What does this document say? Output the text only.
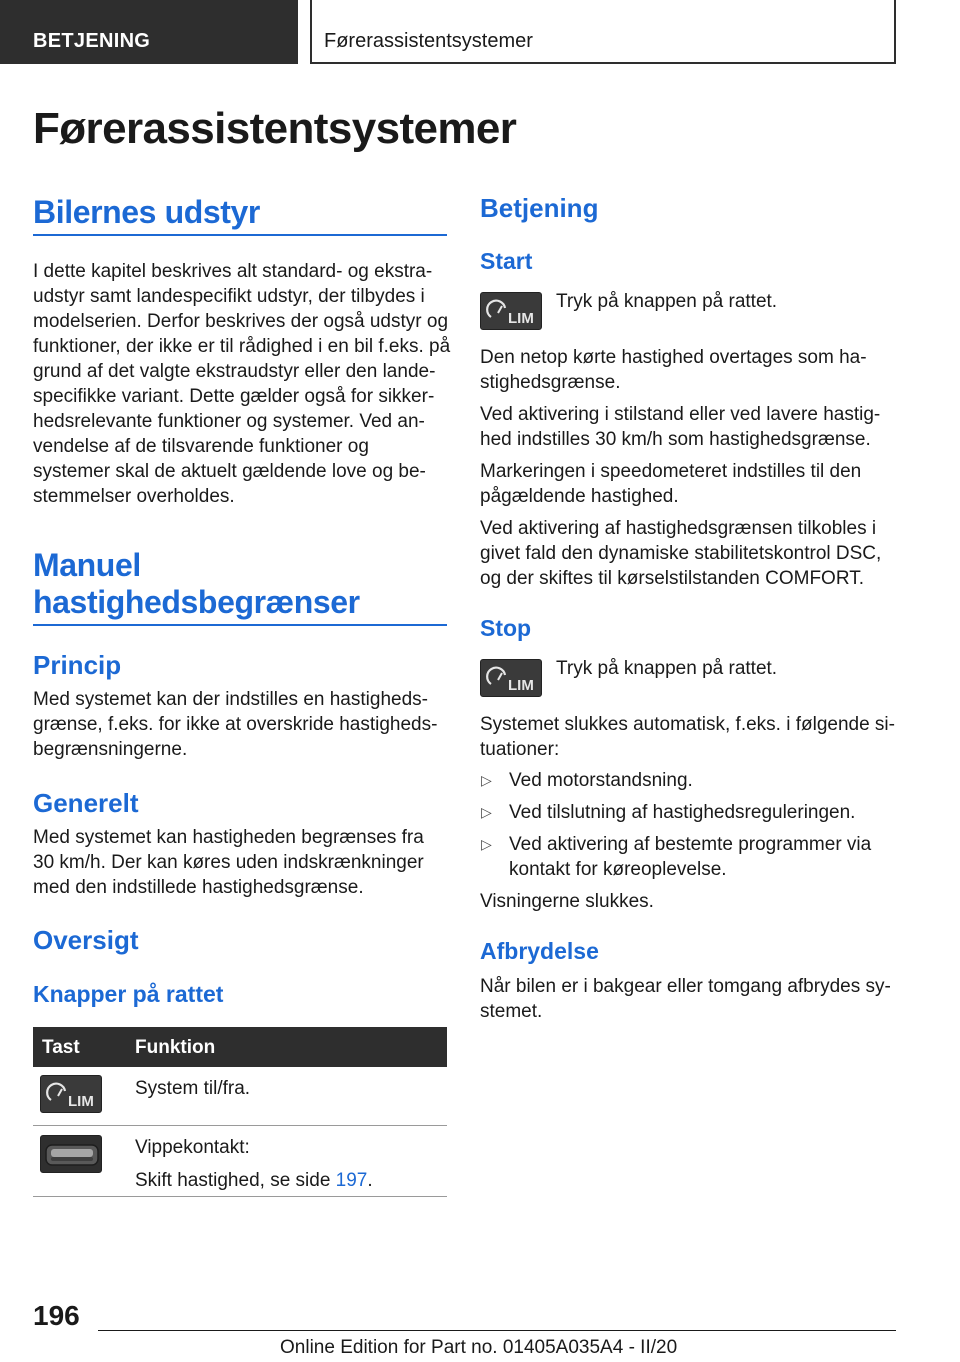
BETJENING	Førerassistentsystemer
Førerassistentsystemer
Bilernes udstyr
I dette kapitel beskrives alt standard- og ekstra-
udstyr samt landespecifikt udstyr, der tilbydes i
modelserien. Derfor beskrives der også udstyr og
funktioner, der ikke er til rådighed i en bil f.eks. på
grund af det valgte ekstraudstyr eller den lande-
specifikke variant. Dette gælder også for sikker-
hedsrelevante funktioner og systemer. Ved an-
vendelse af de tilsvarende funktioner og
systemer skal de aktuelt gældende love og be-
stemmelser overholdes.
Manuel
hastighedsbegrænser
Princip
Med systemet kan der indstilles en hastigheds-
grænse, f.eks. for ikke at overskride hastigheds-
begrænsningerne.
Generelt
Med systemet kan hastigheden begrænses fra
30 km/h. Der kan køres uden indskrænkninger
med den indstillede hastighedsgrænse.
Oversigt
Knapper på rattet
Tast	Funktion
LIM
System til/fra.
Vippekontakt:
Skift hastighed, se side 197.
Betjening
Start
LIM
Tryk på knappen på rattet.
Den netop kørte hastighed overtages som ha-
stighedsgrænse.
Ved aktivering i stilstand eller ved lavere hastig-
hed indstilles 30 km/h som hastighedsgrænse.
Markeringen i speedometeret indstilles til den
pågældende hastighed.
Ved aktivering af hastighedsgrænsen tilkobles i
givet fald den dynamiske stabilitetskontrol DSC,
og der skiftes til kørselstilstanden COMFORT.
Stop
LIM
Tryk på knappen på rattet.
Systemet slukkes automatisk, f.eks. i følgende si-
tuationer:
▷ Ved motorstandsning.
▷ Ved tilslutning af hastighedsreguleringen.
▷ Ved aktivering af bestemte programmer via
kontakt for køreoplevelse.
Visningerne slukkes.
Afbrydelse
Når bilen er i bakgear eller tomgang afbrydes sy-
stemet.
196
Online Edition for Part no. 01405A035A4 - II/20
